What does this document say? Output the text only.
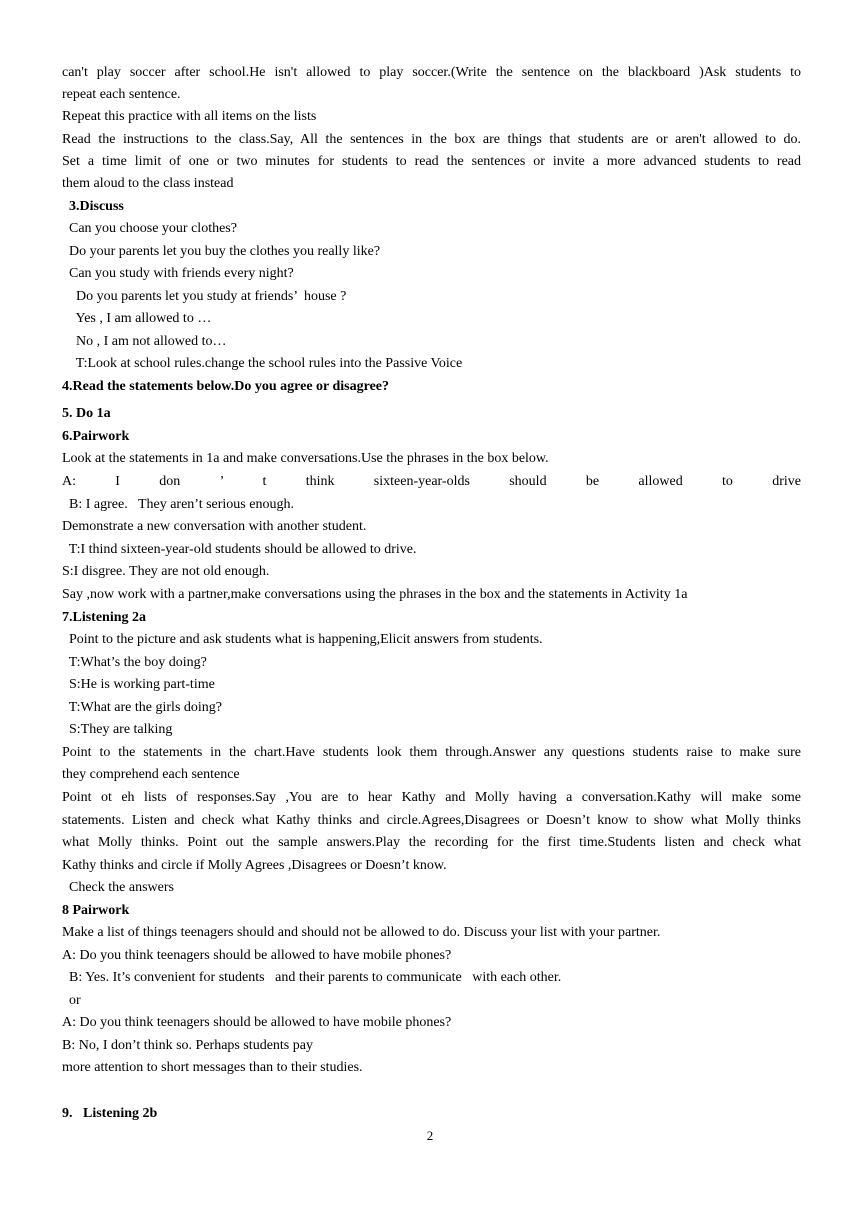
can't play soccer after school.He isn't allowed to play soccer.(Write the sentence on the blackboard )Ask students to
repeat each sentence.
Repeat this practice with all items on the lists
Read the instructions to the class.Say, All the sentences in the box are things that students are or aren't allowed to do.
Set a time limit of one or two minutes for students to read the sentences or invite a more advanced students to read
them aloud to the class instead
3.Discuss
Can you choose your clothes?
Do your parents let you buy the clothes you really like?
Can you study with friends every night?
Do you parents let you study at friends’  house ?
Yes , I am allowed to …
No , I am not allowed to…
T:Look at school rules.change the school rules into the Passive Voice
4.Read the statements below.Do you agree or disagree?
5. Do 1a
6.Pairwork
Look at the statements in 1a and make conversations.Use the phrases in the box below.
A: I don ’ t think sixteen-year-olds should be allowed to drive
B: I agree.   They aren’t serious enough.
Demonstrate a new conversation with another student.
T:I thind sixteen-year-old students should be allowed to drive.
S:I disgree. They are not old enough.
Say ,now work with a partner,make conversations using the phrases in the box and the statements in Activity 1a
7.Listening 2a
Point to the picture and ask students what is happening,Elicit answers from students.
T:What’s the boy doing?
S:He is working part-time
T:What are the girls doing?
S:They are talking
Point to the statements in the chart.Have students look them through.Answer any questions students raise to make sure
they comprehend each sentence
Point ot eh lists of responses.Say ,You are to hear Kathy and Molly having a conversation.Kathy will make some
statements. Listen and check what Kathy thinks and circle.Agrees,Disagrees or Doesn’t know to show what Molly thinks
what Molly thinks. Point out the sample answers.Play the recording for the first time.Students listen and check what
Kathy thinks and circle if Molly Agrees ,Disagrees or Doesn’t know.
Check the answers
8 Pairwork
Make a list of things teenagers should and should not be allowed to do. Discuss your list with your partner.
A: Do you think teenagers should be allowed to have mobile phones?
B: Yes. It’s convenient for students   and their parents to communicate   with each other.
or
A: Do you think teenagers should be allowed to have mobile phones?
B: No, I don’t think so. Perhaps students pay
more attention to short messages than to their studies.
9.   Listening 2b
2
